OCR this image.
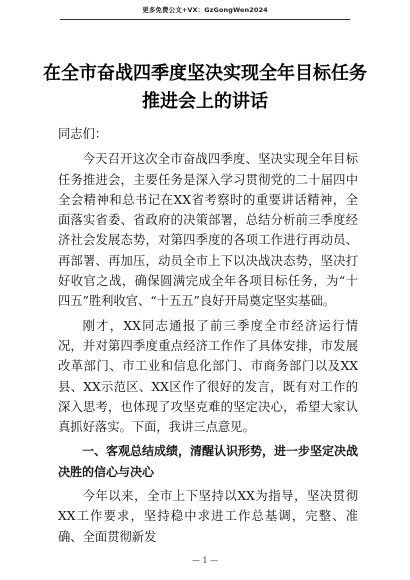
更多免费公文+VX：GzGongWen2024
在全市奋战四季度坚决实现全年目标任务
推进会上的讲话

同志们：

今天召开这次全市奋战四季度、坚决实现全年目标任务推进会，主要任务是深入学习贯彻党的二十届四中全会精神和总书记在XX省考察时的重要讲话精神，全面落实省委、省政府的决策部署，总结分析前三季度经济社会发展态势，对第四季度的各项工作进行再动员、再部署、再加压，动员全市上下以决战决态势，坚决打好收官之战，确保圆满完成全年各项目标任务，为“十四五”胜利收官、“十五五”良好开局奠定坚实基础。

刚才，XX同志通报了前三季度全市经济运行情况，并对第四季度重点经济工作作了具体安排，市发展改革部门、市工业和信息化部门、市商务部门以及XX县、XX示范区、XX区作了很好的发言，既有对工作的深入思考，也体现了攻坚克难的坚定决心，希望大家认真抓好落实。下面，我讲三点意见。

一、客观总结成绩，清醒认识形势，进一步坚定决战决胜的信心与决心

今年以来，全市上下坚持以XX为指导，坚决贯彻XX工作要求，坚持稳中求进工作总基调，完整、准确、全面贯彻新发

— 1 —
